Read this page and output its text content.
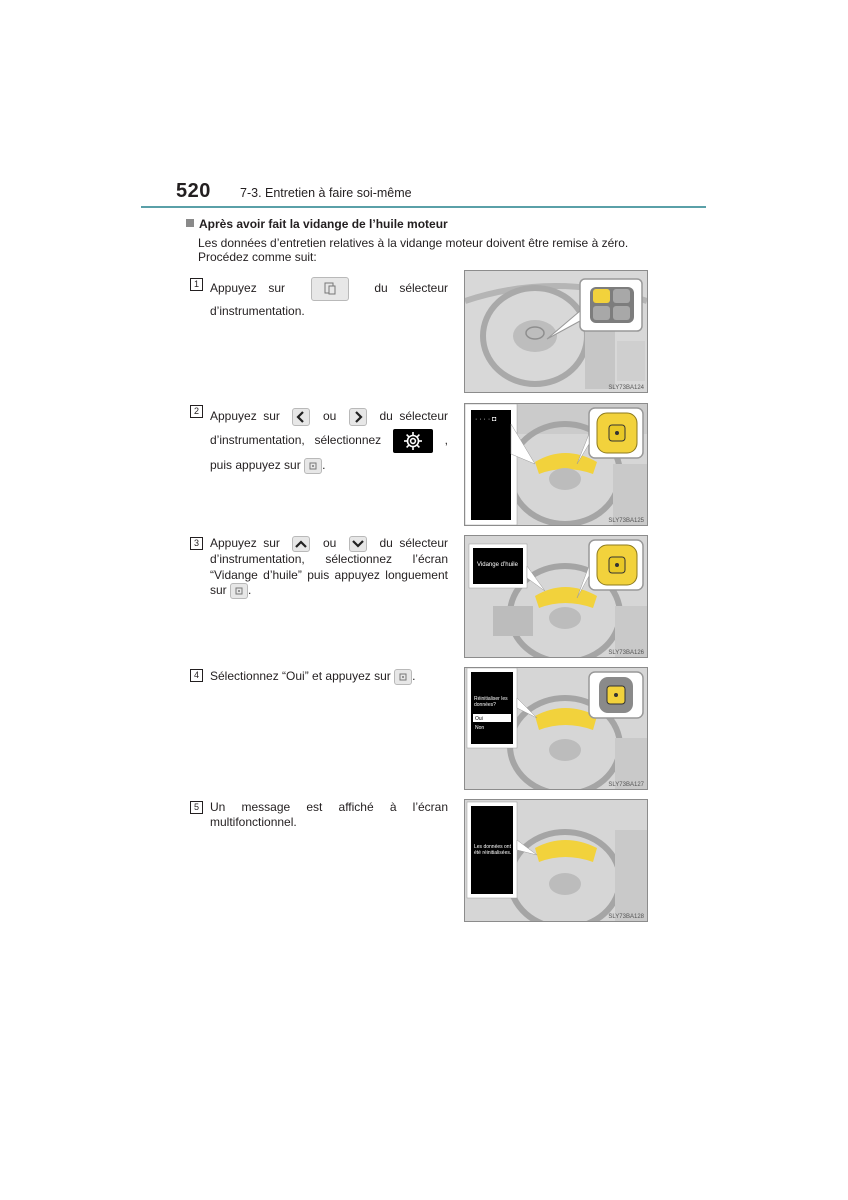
520 7-3. Entretien à faire soi-même
Après avoir fait la vidange de l’huile moteur

Les données d’entretien relatives à la vidange moteur doivent être remise à zéro.

Procédez comme suit:

1 Appuyez sur	du sélecteur d’instrumentation.
SLY73BA124
2 Appuyez sur	ou	du sélecteur d’instrumentation, sélectionnez	, puis appuyez sur .
· · · · ◘
SLY73BA125
3 Appuyez sur	ou	du sélecteur d’instrumentation, sélectionnez l’écran “Vidange d’huile” puis appuyez longuement sur .
Vidange d’huile
SLY73BA126
4 Sélectionnez “Oui” et appuyez sur .
Réinitialiser les données?
Oui
Non
SLY73BA127
5 Un message est affiché à l’écran multifonctionnel.
Les données ont été réinitialisées.
SLY73BA128
